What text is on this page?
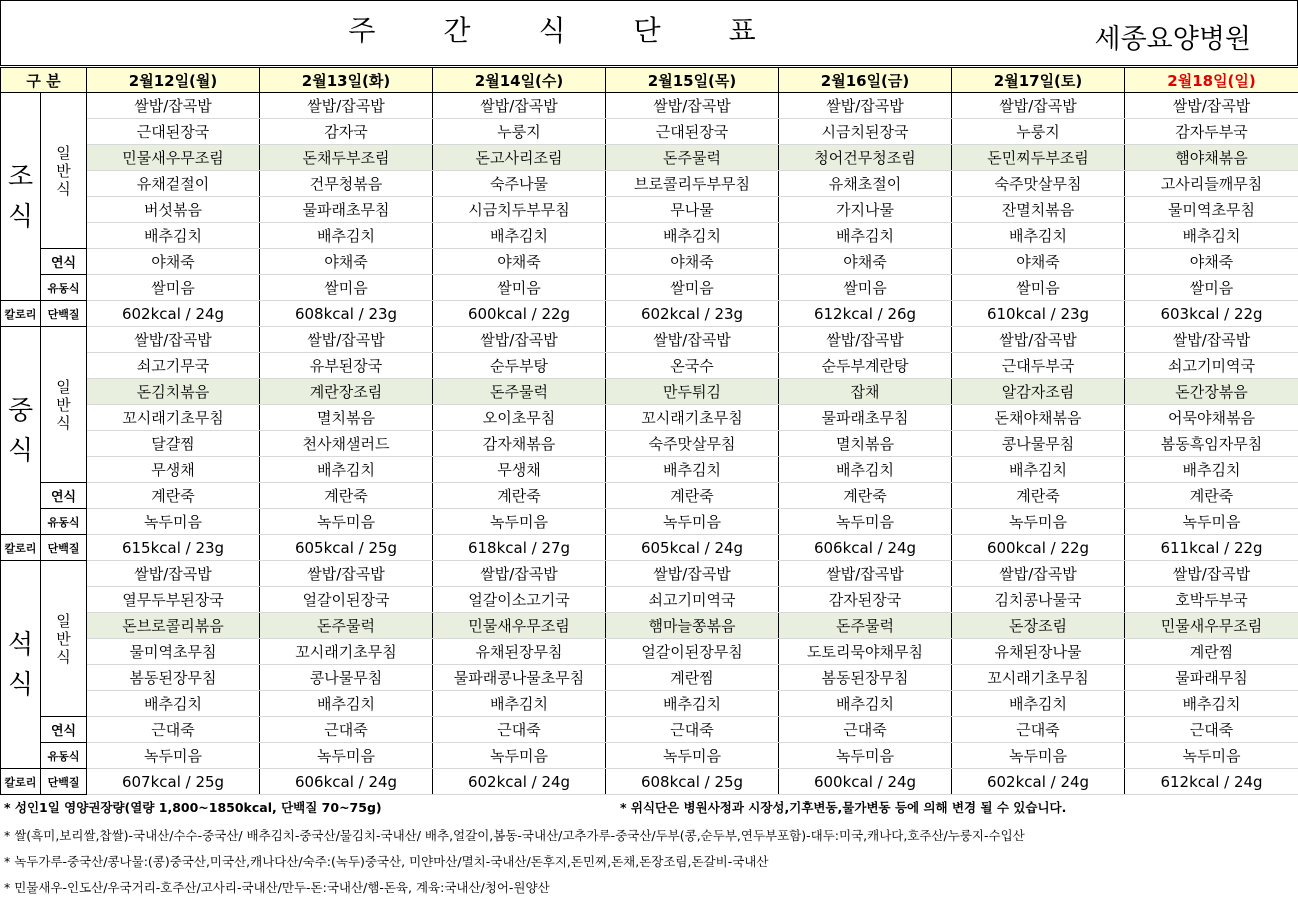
주간식단표	세종요양병원
구 분		2월12일(월)	2월13일(화)	2월14일(수)	2월15일(목)	2월16일(금)	2월17일(토)	2월18일(일)
조식	일반식	쌀밥/잡곡밥	쌀밥/잡곡밥	쌀밥/잡곡밥	쌀밥/잡곡밥	쌀밥/잡곡밥	쌀밥/잡곡밥	쌀밥/잡곡밥
		근대된장국	감자국	누룽지	근대된장국	시금치된장국	누룽지	감자두부국
		민물새우무조림	돈채두부조림	돈고사리조림	돈주물럭	청어건무청조림	돈민찌두부조림	햄야채볶음
		유채겉절이	건무청볶음	숙주나물	브로콜리두부무침	유채초절이	숙주맛살무침	고사리들깨무침
		버섯볶음	물파래초무침	시금치두부무침	무나물	가지나물	잔멸치볶음	물미역초무침
		배추김치	배추김치	배추김치	배추김치	배추김치	배추김치	배추김치
	연식	야채죽	야채죽	야채죽	야채죽	야채죽	야채죽	야채죽
	유동식	쌀미음	쌀미음	쌀미음	쌀미음	쌀미음	쌀미음	쌀미음
칼로리	단백질	602kcal / 24g	608kcal / 23g	600kcal / 22g	602kcal / 23g	612kcal / 26g	610kcal / 23g	603kcal / 22g
중식	일반식	쌀밥/잡곡밥	쌀밥/잡곡밥	쌀밥/잡곡밥	쌀밥/잡곡밥	쌀밥/잡곡밥	쌀밥/잡곡밥	쌀밥/잡곡밥
		쇠고기무국	유부된장국	순두부탕	온국수	순두부계란탕	근대두부국	쇠고기미역국
		돈김치볶음	계란장조림	돈주물럭	만두튀김	잡채	알감자조림	돈간장볶음
		꼬시래기초무침	멸치볶음	오이초무침	꼬시래기초무침	물파래초무침	돈채야채볶음	어묵야채볶음
		달걀찜	천사채샐러드	감자채볶음	숙주맛살무침	멸치볶음	콩나물무침	봄동흑임자무침
		무생채	배추김치	무생채	배추김치	배추김치	배추김치	배추김치
	연식	계란죽	계란죽	계란죽	계란죽	계란죽	계란죽	계란죽
	유동식	녹두미음	녹두미음	녹두미음	녹두미음	녹두미음	녹두미음	녹두미음
칼로리	단백질	615kcal / 23g	605kcal / 25g	618kcal / 27g	605kcal / 24g	606kcal / 24g	600kcal / 22g	611kcal / 22g
석식	일반식	쌀밥/잡곡밥	쌀밥/잡곡밥	쌀밥/잡곡밥	쌀밥/잡곡밥	쌀밥/잡곡밥	쌀밥/잡곡밥	쌀밥/잡곡밥
		열무두부된장국	얼갈이된장국	얼갈이소고기국	쇠고기미역국	감자된장국	김치콩나물국	호박두부국
		돈브로콜리볶음	돈주물럭	민물새우무조림	햄마늘쫑볶음	돈주물럭	돈장조림	민물새우무조림
		물미역초무침	꼬시래기초무침	유채된장무침	얼갈이된장무침	도토리묵야채무침	유채된장나물	계란찜
		봄동된장무침	콩나물무침	물파래콩나물초무침	계란찜	봄동된장무침	꼬시래기초무침	물파래무침
		배추김치	배추김치	배추김치	배추김치	배추김치	배추김치	배추김치
	연식	근대죽	근대죽	근대죽	근대죽	근대죽	근대죽	근대죽
	유동식	녹두미음	녹두미음	녹두미음	녹두미음	녹두미음	녹두미음	녹두미음
칼로리	단백질	607kcal / 25g	606kcal / 24g	602kcal / 24g	608kcal / 25g	600kcal / 24g	602kcal / 24g	612kcal / 24g
* 성인1일 영양권장량(열량 1,800~1850kcal, 단백질 70~75g)	* 위식단은 병원사정과 시장성,기후변동,물가변동 등에 의해 변경 될 수 있습니다.
* 쌀(흑미,보리쌀,찹쌀)-국내산/수수-중국산/ 배추김치-중국산/물김치-국내산/ 배추,얼갈이,봄동-국내산/고추가루-중국산/두부(콩,순두부,연두부포함)-대두:미국,캐나다,호주산/누룽지-수입산
* 녹두가루-중국산/콩나물:(콩)중국산,미국산,캐나다산/숙주:(녹두)중국산, 미얀마산/멸치-국내산/돈후지,돈민찌,돈채,돈장조림,돈갈비-국내산
* 민물새우-인도산/우국거리-호주산/고사리-국내산/만두-돈:국내산/햄-돈육, 계육:국내산/청어-원양산
